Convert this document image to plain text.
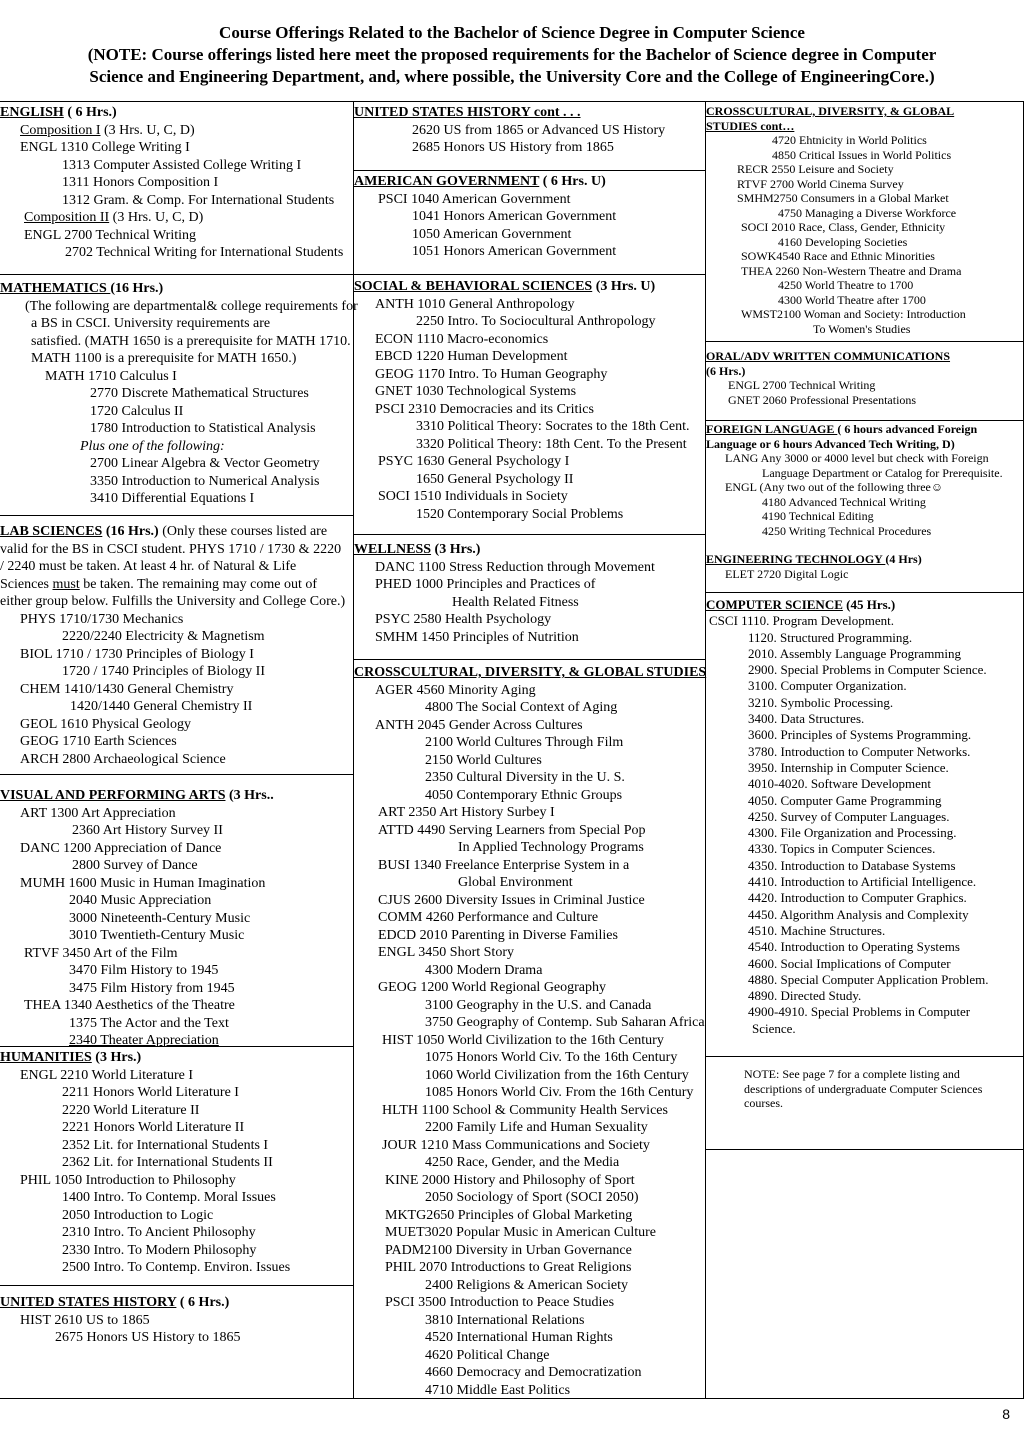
Course Offerings Related to the Bachelor of Science Degree in Computer Science
(NOTE: Course offerings listed here meet the proposed requirements for the Bachelor of Science degree in Computer
Science and Engineering Department, and, where possible, the University Core and the College of EngineeringCore.)
ENGLISH ( 6 Hrs.)
Composition I (3 Hrs. U, C, D)
ENGL 1310 College Writing I
1313 Computer Assisted College Writing I
1311 Honors Composition I
1312 Gram. & Comp. For International Students
Composition II (3 Hrs. U, C, D)
ENGL 2700 Technical Writing
2702 Technical Writing for International Students
MATHEMATICS (16 Hrs.)
(The following are departmental& college requirements for
a BS in CSCI. University requirements are
satisfied. (MATH 1650 is a prerequisite for MATH 1710.
MATH 1100 is a prerequisite for MATH 1650.)
MATH 1710 Calculus I
2770 Discrete Mathematical Structures
1720 Calculus II
1780 Introduction to Statistical Analysis
Plus one of the following:
2700 Linear Algebra & Vector Geometry
3350 Introduction to Numerical Analysis
3410 Differential Equations I
LAB SCIENCES (16 Hrs.) (Only these courses listed are
valid for the BS in CSCI student. PHYS 1710 / 1730 & 2220
/ 2240 must be taken. At least 4 hr. of Natural & Life
Sciences must be taken. The remaining may come out of
either group below. Fulfills the University and College Core.)
PHYS 1710/1730 Mechanics
2220/2240 Electricity & Magnetism
BIOL 1710 / 1730 Principles of Biology I
1720 / 1740 Principles of Biology II
CHEM 1410/1430 General Chemistry
1420/1440 General Chemistry II
GEOL 1610 Physical Geology
GEOG 1710 Earth Sciences
ARCH 2800 Archaeological Science
VISUAL AND PERFORMING ARTS (3 Hrs..
ART 1300 Art Appreciation
2360 Art History Survey II
DANC 1200 Appreciation of Dance
2800 Survey of Dance
MUMH 1600 Music in Human Imagination
2040 Music Appreciation
3000 Nineteenth-Century Music
3010 Twentieth-Century Music
RTVF 3450 Art of the Film
3470 Film History to 1945
3475 Film History from 1945
THEA 1340 Aesthetics of the Theatre
1375 The Actor and the Text
2340 Theater Appreciation
HUMANITIES (3 Hrs.)
ENGL 2210 World Literature I
2211 Honors World Literature I
2220 World Literature II
2221 Honors World Literature II
2352 Lit. for International Students I
2362 Lit. for International Students II
PHIL 1050 Introduction to Philosophy
1400 Intro. To Contemp. Moral Issues
2050 Introduction to Logic
2310 Intro. To Ancient Philosophy
2330 Intro. To Modern Philosophy
2500 Intro. To Contemp. Environ. Issues
UNITED STATES HISTORY ( 6 Hrs.)
HIST 2610 US to 1865
2675 Honors US History to 1865
UNITED STATES HISTORY cont . . .
2620 US from 1865 or Advanced US History
2685 Honors US History from 1865
AMERICAN GOVERNMENT ( 6 Hrs. U)
PSCI 1040 American Government
1041 Honors American Government
1050 American Government
1051 Honors American Government
SOCIAL & BEHAVIORAL SCIENCES (3 Hrs. U)
ANTH 1010 General Anthropology
2250 Intro. To Sociocultural Anthropology
ECON 1110 Macro-economics
EBCD 1220 Human Development
GEOG 1170 Intro. To Human Geography
GNET 1030 Technological Systems
PSCI 2310 Democracies and its Critics
3310 Political Theory: Socrates to the 18th Cent.
3320 Political Theory: 18th Cent. To the Present
PSYC 1630 General Psychology I
1650 General Psychology II
SOCI 1510 Individuals in Society
1520 Contemporary Social Problems
WELLNESS (3 Hrs.)
DANC 1100 Stress Reduction through Movement
PHED 1000 Principles and Practices of
Health Related Fitness
PSYC 2580 Health Psychology
SMHM 1450 Principles of Nutrition
CROSSCULTURAL, DIVERSITY, & GLOBAL STUDIES
AGER 4560 Minority Aging
4800 The Social Context of Aging
ANTH 2045 Gender Across Cultures
2100 World Cultures Through Film
2150 World Cultures
2350 Cultural Diversity in the U. S.
4050 Contemporary Ethnic Groups
ART 2350 Art History Surbey I
ATTD 4490 Serving Learners from Special Pop
In Applied Technology Programs
BUSI 1340 Freelance Enterprise System in a
Global Environment
CJUS 2600 Diversity Issues in Criminal Justice
COMM 4260 Performance and Culture
EDCD 2010 Parenting in Diverse Families
ENGL 3450 Short Story
4300 Modern Drama
GEOG 1200 World Regional Geography
3100 Geography in the U.S. and Canada
3750 Geography of Contemp. Sub Saharan Africa
HIST 1050 World Civilization to the 16th Century
1075 Honors World Civ. To the 16th Century
1060 World Civilization from the 16th Century
1085 Honors World Civ. From the 16th Century
HLTH 1100 School & Community Health Services
2200 Family Life and Human Sexuality
JOUR 1210 Mass Communications and Society
4250 Race, Gender, and the Media
KINE 2000 History and Philosophy of Sport
2050 Sociology of Sport (SOCI 2050)
MKTG2650 Principles of Global Marketing
MUET3020 Popular Music in American Culture
PADM2100 Diversity in Urban Governance
PHIL 2070 Introductions to Great Religions
2400 Religions & American Society
PSCI 3500 Introduction to Peace Studies
3810 International Relations
4520 International Human Rights
4620 Political Change
4660 Democracy and Democratization
4710 Middle East Politics
CROSSCULTURAL, DIVERSITY, & GLOBAL
STUDIES cont…
4720 Ehtnicity in World Politics
4850 Critical Issues in World Politics
RECR 2550 Leisure and Society
RTVF 2700 World Cinema Survey
SMHM2750 Consumers in a Global Market
4750 Managing a Diverse Workforce
SOCI 2010 Race, Class, Gender, Ethnicity
4160 Developing Societies
SOWK4540 Race and Ethnic Minorities
THEA 2260 Non-Western Theatre and Drama
4250 World Theatre to 1700
4300 World Theatre after 1700
WMST2100 Woman and Society: Introduction
To Women's Studies
ORAL/ADV WRITTEN COMMUNICATIONS
(6 Hrs.)
ENGL 2700 Technical Writing
GNET 2060 Professional Presentations
FOREIGN LANGUAGE ( 6 hours advanced Foreign
Language or 6 hours Advanced Tech Writing, D)
LANG Any 3000 or 4000 level but check with Foreign
Language Department or Catalog for Prerequisite.
ENGL (Any two out of the following three☺
4180 Advanced Technical Writing
4190 Technical Editing
4250 Writing Technical Procedures
ENGINEERING TECHNOLOGY (4 Hrs)
ELET 2720 Digital Logic
COMPUTER SCIENCE (45 Hrs.)
CSCI 1110. Program Development.
1120. Structured Programming.
2010. Assembly Language Programming
2900. Special Problems in Computer Science.
3100. Computer Organization.
3210. Symbolic Processing.
3400. Data Structures.
3600. Principles of Systems Programming.
3780. Introduction to Computer Networks.
3950. Internship in Computer Science.
4010-4020. Software Development
4050. Computer Game Programming
4250. Survey of Computer Languages.
4300. File Organization and Processing.
4330. Topics in Computer Sciences.
4350. Introduction to Database Systems
4410. Introduction to Artificial Intelligence.
4420. Introduction to Computer Graphics.
4450. Algorithm Analysis and Complexity
4510. Machine Structures.
4540. Introduction to Operating Systems
4600. Social Implications of Computer
4880. Special Computer Application Problem.
4890. Directed Study.
4900-4910. Special Problems in Computer
Science.
NOTE: See page 7 for a complete listing and
descriptions of undergraduate Computer Sciences
courses.
8
